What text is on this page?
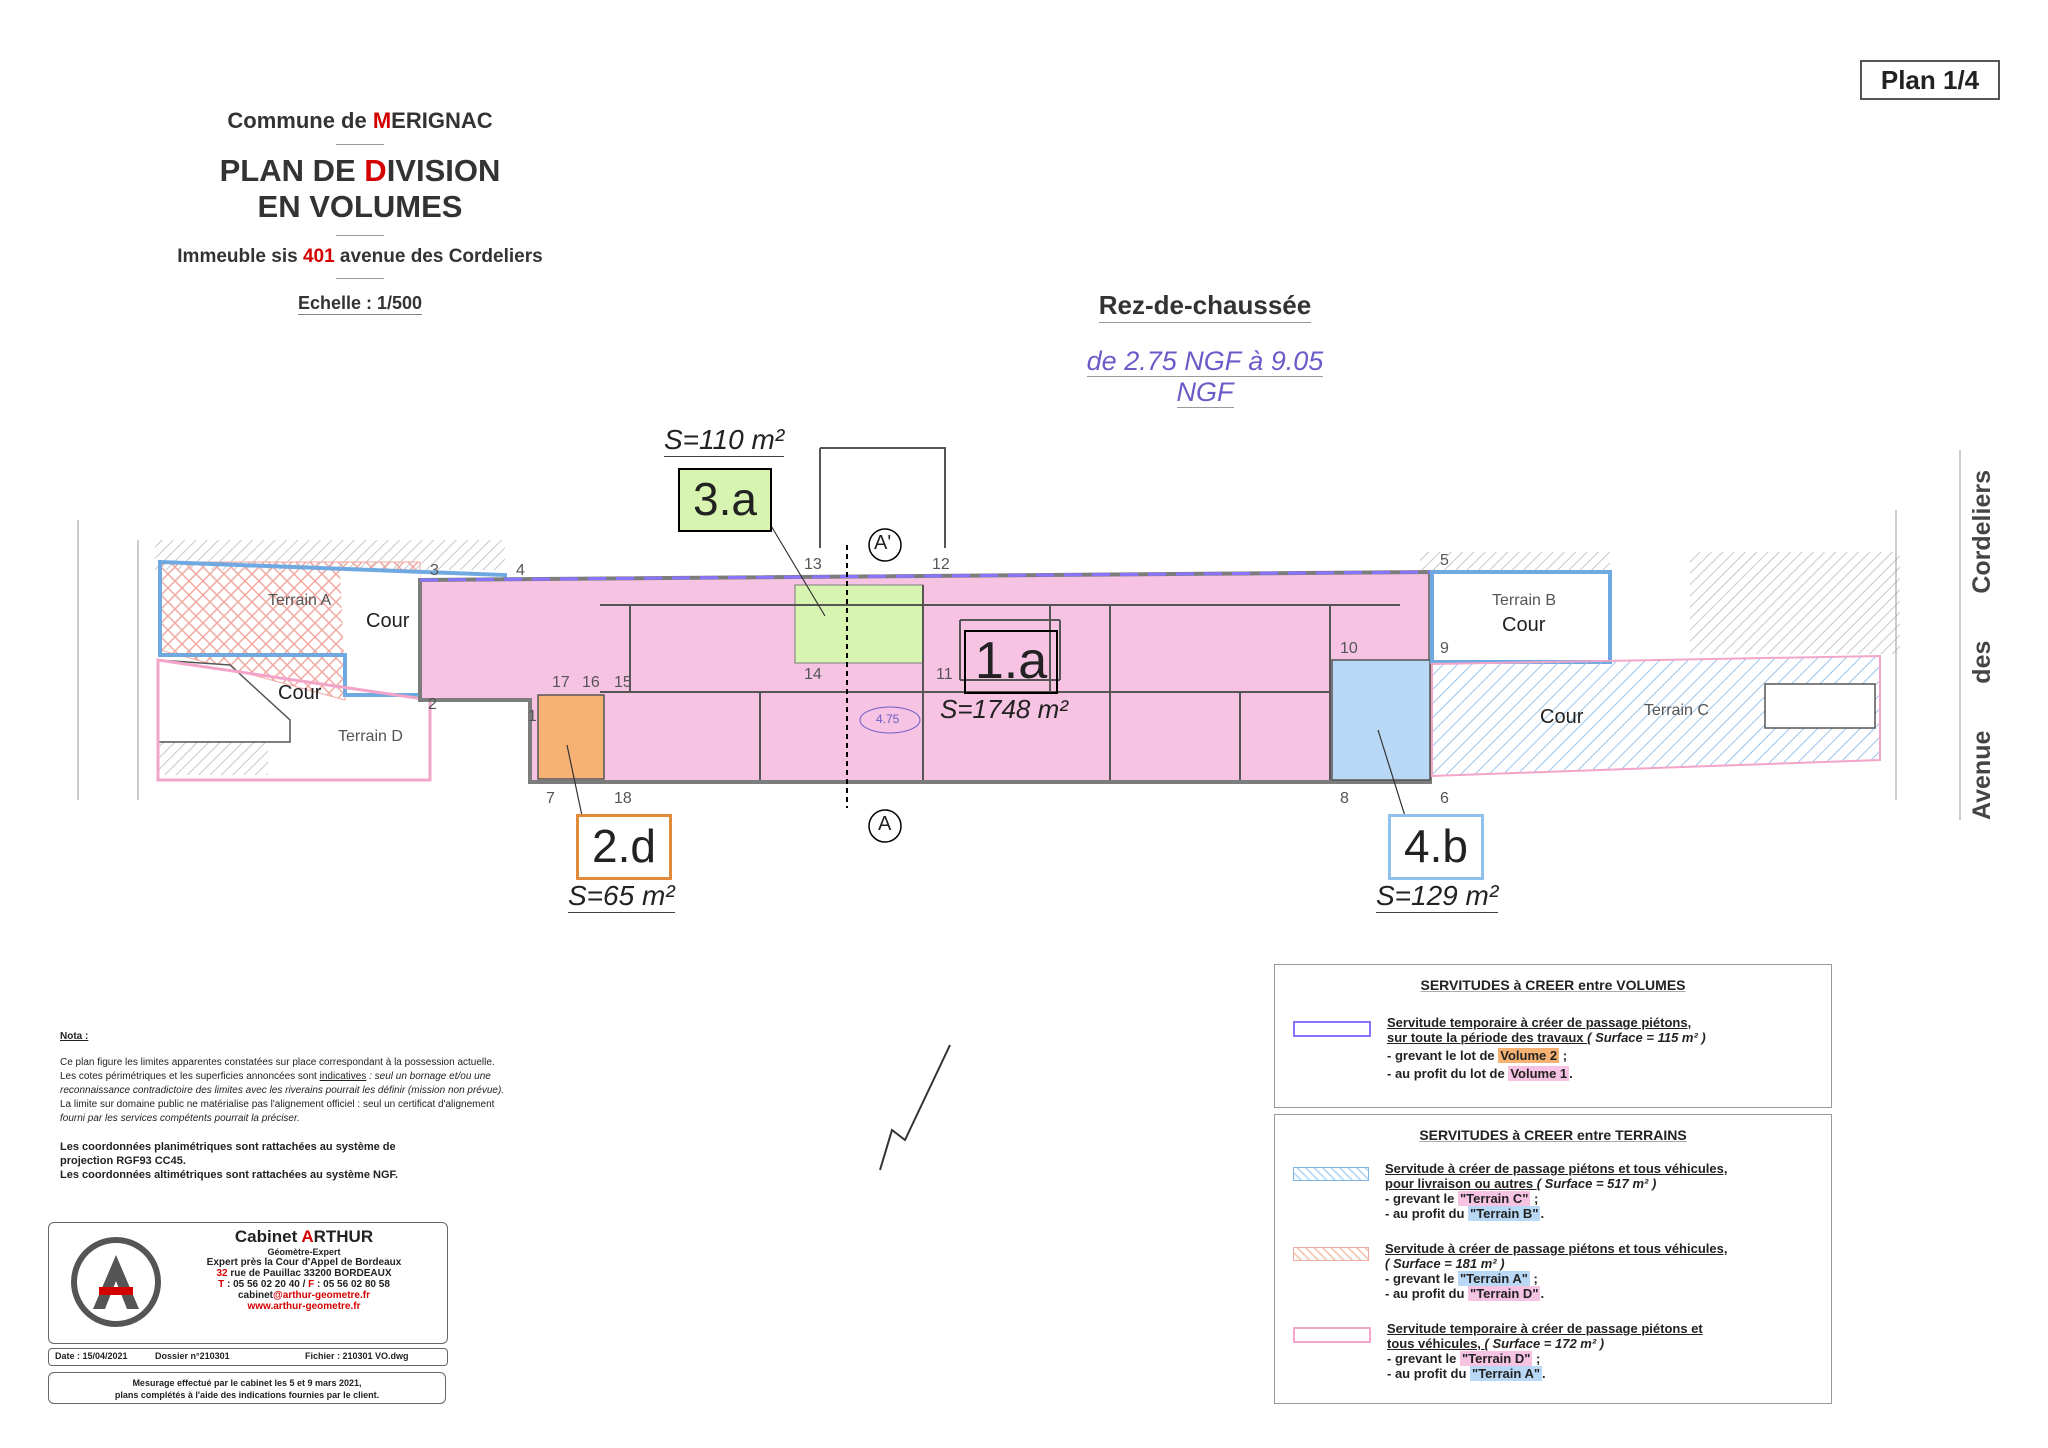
Plan 1/4
Commune de MERIGNAC
PLAN DE DIVISION
EN VOLUMES
Immeuble sis 401 avenue des Cordeliers
Echelle : 1/500	Rez-de-chaussée
de 2.75 NGF à 9.05 NGF
Terrain A
Cour
Cour
Terrain D
Terrain B
Cour
Cour	Terrain C
A'
A
4.75
1
2
3	4
5
6
7	8
9
10
11
12
13
14
15
16
17
18
S=110 m²
3.a
1.a
S=1748 m²
2.d
S=65 m²
4.b
S=129 m²
Avenue
des
Cordeliers
Nota :
Ce plan figure les limites apparentes constatées sur place correspondant à la possession actuelle.
Les cotes périmétriques et les superficies annoncées sont indicatives : seul un bornage et/ou une
reconnaissance contradictoire des limites avec les riverains pourrait les définir (mission non prévue).
La limite sur domaine public ne matérialise pas l'alignement officiel : seul un certificat d'alignement
fourni par les services compétents pourrait la préciser.
Les coordonnées planimétriques sont rattachées au système de
projection RGF93 CC45.
Les coordonnées altimétriques sont rattachées au système NGF.
Cabinet ARTHUR
Géomètre-Expert
Expert près la Cour d'Appel de Bordeaux
32 rue de Pauillac 33200 BORDEAUX
T : 05 56 02 20 40 / F : 05 56 02 80 58
cabinet@arthur-geometre.fr
www.arthur-geometre.fr
Date : 15/04/2021	Dossier n°210301	Fichier : 210301 VO.dwg
Mesurage effectué par le cabinet les 5 et 9 mars 2021,
plans complétés à l'aide des indications fournies par le client.
SERVITUDES à CREER entre VOLUMES
Servitude temporaire à créer de passage piétons,
sur toute la période des travaux ( Surface = 115 m² )
- grevant le lot de Volume 2 ;
- au profit du lot de Volume 1 .
SERVITUDES à CREER entre TERRAINS
Servitude à créer de passage piétons et tous véhicules,
pour livraison ou autres ( Surface = 517 m² )
- grevant le "Terrain C" ;
- au profit du "Terrain B" .
Servitude à créer de passage piétons et tous véhicules,
( Surface = 181 m² )
- grevant le "Terrain A" ;
- au profit du "Terrain D" .
Servitude temporaire à créer de passage piétons et
tous véhicules, ( Surface = 172 m² )
- grevant le "Terrain D" ;
- au profit du "Terrain A" .
